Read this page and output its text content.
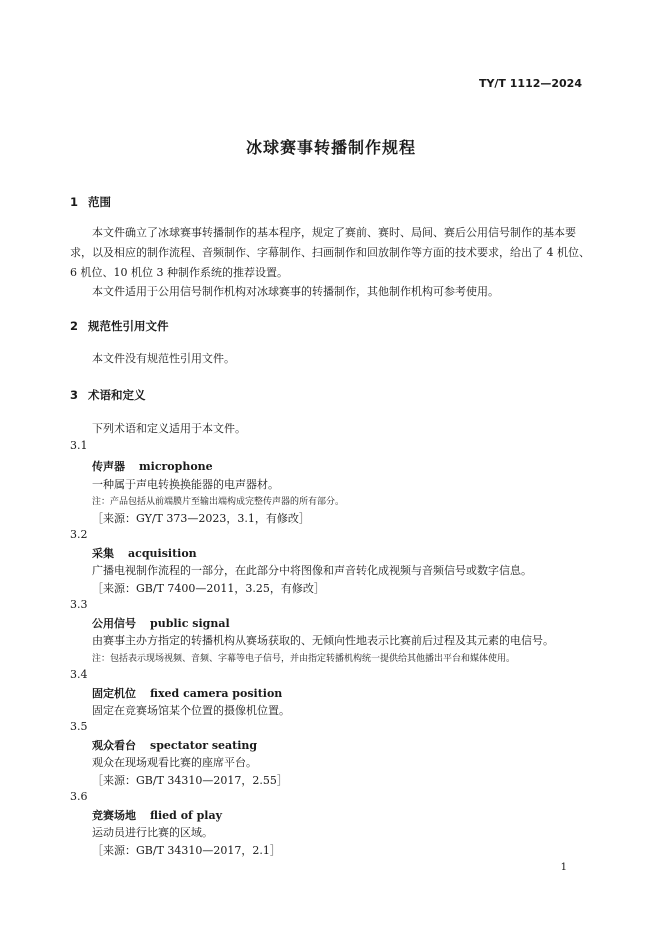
TY/T 1112—2024
冰球赛事转播制作规程
1 范围
本文件确立了冰球赛事转播制作的基本程序，规定了赛前、赛时、局间、赛后公用信号制作的基本要
求，以及相应的制作流程、音频制作、字幕制作、扫画制作和回放制作等方面的技术要求，给出了 4 机位、
6 机位、10 机位 3 种制作系统的推荐设置。
本文件适用于公用信号制作机构对冰球赛事的转播制作，其他制作机构可参考使用。
2 规范性引用文件
本文件没有规范性引用文件。
3 术语和定义
下列术语和定义适用于本文件。
3.1
传声器 microphone
一种属于声电转换换能器的电声器材。
注：产品包括从前端膜片至输出端构成完整传声器的所有部分。
［来源：GY/T 373—2023，3.1，有修改］
3.2
采集 acquisition
广播电视制作流程的一部分，在此部分中将图像和声音转化成视频与音频信号或数字信息。
［来源：GB/T 7400—2011，3.25，有修改］
3.3
公用信号 public signal
由赛事主办方指定的转播机构从赛场获取的、无倾向性地表示比赛前后过程及其元素的电信号。
注：包括表示现场视频、音频、字幕等电子信号，并由指定转播机构统一提供给其他播出平台和媒体使用。
3.4
固定机位 fixed camera position
固定在竞赛场馆某个位置的摄像机位置。
3.5
观众看台 spectator seating
观众在现场观看比赛的座席平台。
［来源：GB/T 34310—2017，2.55］
3.6
竞赛场地 flied of play
运动员进行比赛的区域。
［来源：GB/T 34310—2017，2.1］
1
